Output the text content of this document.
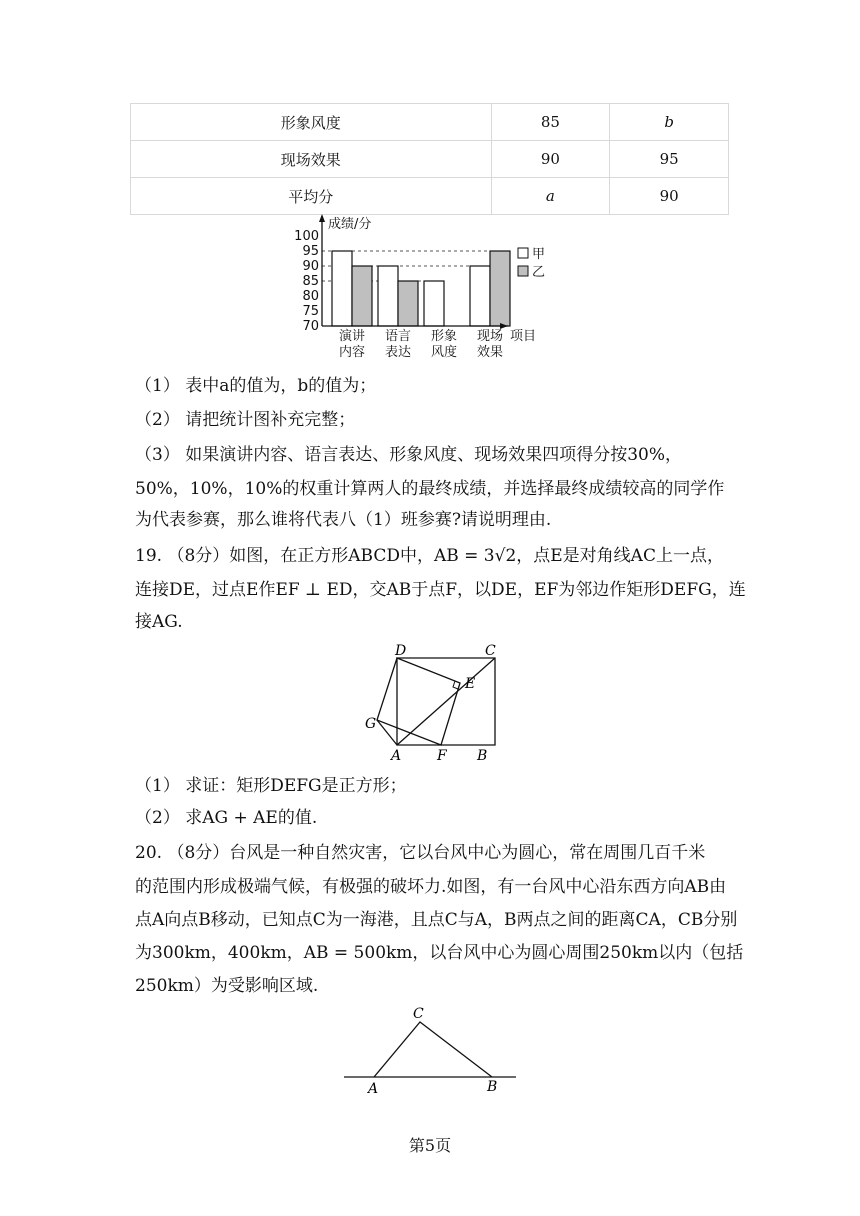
形象风度	85	b
现场效果	90	95
平均分	a	90
100
95
90
85
80
75
70
演讲
内容
语言
表达
形象
风度
现场
效果
成绩/分
项目
甲
乙
（1） 表中a的值为，b的值为；
（2） 请把统计图补充完整；
（3） 如果演讲内容、语言表达、形象风度、现场效果四项得分按30%，
50%，10%，10%的权重计算两人的最终成绩，并选择最终成绩较高的同学作
为代表参赛，那么谁将代表八（1）班参赛?请说明理由.
19. （8分）如图，在正方形ABCD中，AB = 3√2，点E是对角线AC上一点，
连接DE，过点E作EF ⊥ ED，交AB于点F，以DE，EF为邻边作矩形DEFG，连
接AG.
D	C
E
G
A	F B
（1） 求证：矩形DEFG是正方形；
（2） 求AG + AE的值.
20. （8分）台风是一种自然灾害，它以台风中心为圆心，常在周围几百千米
的范围内形成极端气候，有极强的破坏力.如图，有一台风中心沿东西方向AB由
点A向点B移动，已知点C为一海港，且点C与A，B两点之间的距离CA，CB分别
为300km，400km，AB = 500km，以台风中心为圆心周围250km以内（包括
250km）为受影响区域.
C
A	B
第5页
